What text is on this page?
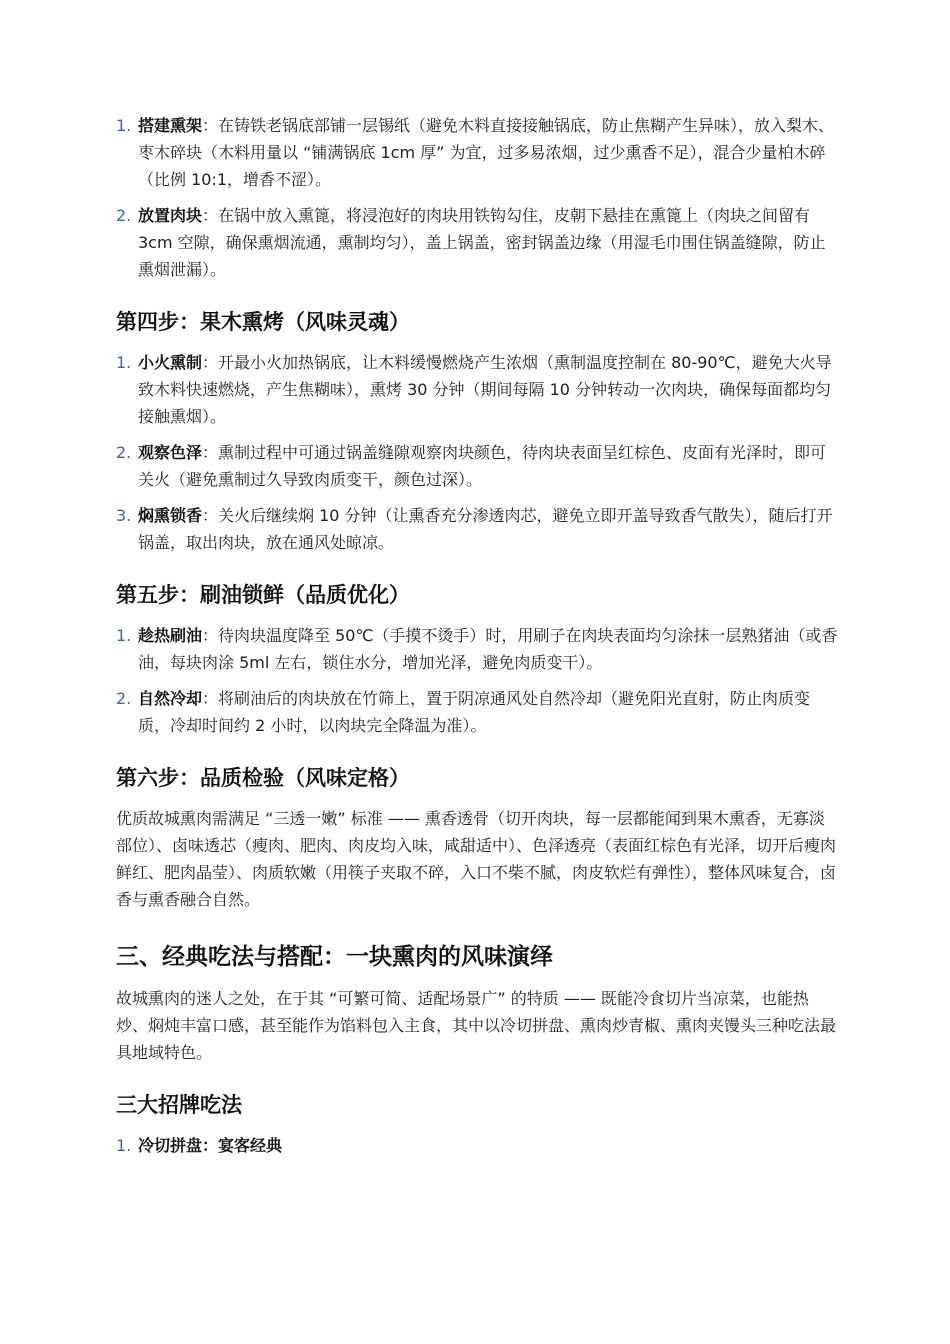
1. 搭建熏架：在铸铁老锅底部铺一层锡纸（避免木料直接接触锅底，防止焦糊产生异味），放入梨木、枣木碎块（木料用量以 “铺满锅底 1cm 厚” 为宜，过多易浓烟，过少熏香不足），混合少量柏木碎（比例 10:1，增香不涩）。
2. 放置肉块：在锅中放入熏篦，将浸泡好的肉块用铁钩勾住，皮朝下悬挂在熏篦上（肉块之间留有 3cm 空隙，确保熏烟流通，熏制均匀），盖上锅盖，密封锅盖边缘（用湿毛巾围住锅盖缝隙，防止熏烟泄漏）。
第四步：果木熏烤（风味灵魂）
1. 小火熏制：开最小火加热锅底，让木料缓慢燃烧产生浓烟（熏制温度控制在 80-90℃，避免大火导致木料快速燃烧，产生焦糊味），熏烤 30 分钟（期间每隔 10 分钟转动一次肉块，确保每面都均匀接触熏烟）。
2. 观察色泽：熏制过程中可通过锅盖缝隙观察肉块颜色，待肉块表面呈红棕色、皮面有光泽时，即可关火（避免熏制过久导致肉质变干，颜色过深）。
3. 焖熏锁香：关火后继续焖 10 分钟（让熏香充分渗透肉芯，避免立即开盖导致香气散失），随后打开锅盖，取出肉块，放在通风处晾凉。
第五步：刷油锁鲜（品质优化）
1. 趁热刷油：待肉块温度降至 50℃（手摸不烫手）时，用刷子在肉块表面均匀涂抹一层熟猪油（或香油，每块肉涂 5ml 左右，锁住水分，增加光泽，避免肉质变干）。
2. 自然冷却：将刷油后的肉块放在竹筛上，置于阴凉通风处自然冷却（避免阳光直射，防止肉质变质，冷却时间约 2 小时，以肉块完全降温为准）。
第六步：品质检验（风味定格）

优质故城熏肉需满足 “三透一嫩” 标准 —— 熏香透骨（切开肉块，每一层都能闻到果木熏香，无寡淡部位）、卤味透芯（瘦肉、肥肉、肉皮均入味，咸甜适中）、色泽透亮（表面红棕色有光泽，切开后瘦肉鲜红、肥肉晶莹）、肉质软嫩（用筷子夹取不碎，入口不柴不腻，肉皮软烂有弹性），整体风味复合，卤香与熏香融合自然。

三、经典吃法与搭配：一块熏肉的风味演绎

故城熏肉的迷人之处，在于其 “可繁可简、适配场景广” 的特质 —— 既能冷食切片当凉菜，也能热炒、焖炖丰富口感，甚至能作为馅料包入主食，其中以冷切拼盘、熏肉炒青椒、熏肉夹馒头三种吃法最具地域特色。

三大招牌吃法
1. 冷切拼盘：宴客经典
